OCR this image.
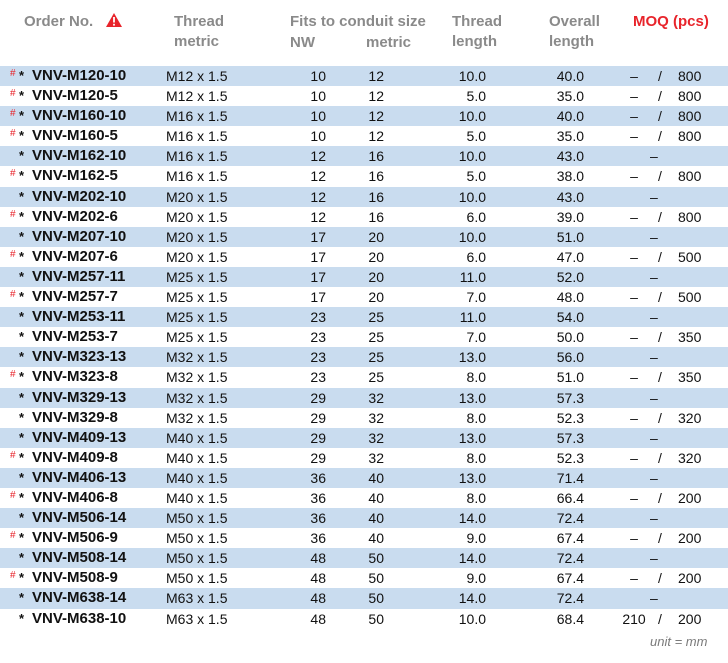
Order No.	Thread
metric
Fits to conduit size
NW	metric
Thread
length
Overall
length
MOQ (pcs)
# * VNV-M120-10	M12 x 1.5	10	12	10.0	40.0	–	/ 800
# * VNV-M120-5	M12 x 1.5	10	12	5.0	35.0	–	/ 800
# * VNV-M160-10	M16 x 1.5	10	12	10.0	40.0	–	/ 800
# * VNV-M160-5	M16 x 1.5	10	12	5.0	35.0	–	/ 800
* VNV-M162-10	M16 x 1.5	12	16	10.0	43.0	–
# * VNV-M162-5	M16 x 1.5	12	16	5.0	38.0	–	/ 800
* VNV-M202-10	M20 x 1.5	12	16	10.0	43.0	–
# * VNV-M202-6	M20 x 1.5	12	16	6.0	39.0	–	/ 800
* VNV-M207-10	M20 x 1.5	17	20	10.0	51.0	–
# * VNV-M207-6	M20 x 1.5	17	20	6.0	47.0	–	/ 500
* VNV-M257-11	M25 x 1.5	17	20	11.0	52.0	–
# * VNV-M257-7	M25 x 1.5	17	20	7.0	48.0	–	/ 500
* VNV-M253-11	M25 x 1.5	23	25	11.0	54.0	–
* VNV-M253-7	M25 x 1.5	23	25	7.0	50.0	–	/ 350
* VNV-M323-13	M32 x 1.5	23	25	13.0	56.0	–
# * VNV-M323-8	M32 x 1.5	23	25	8.0	51.0	–	/ 350
* VNV-M329-13	M32 x 1.5	29	32	13.0	57.3	–
* VNV-M329-8	M32 x 1.5	29	32	8.0	52.3	–	/ 320
* VNV-M409-13	M40 x 1.5	29	32	13.0	57.3	–
# * VNV-M409-8	M40 x 1.5	29	32	8.0	52.3	–	/ 320
* VNV-M406-13	M40 x 1.5	36	40	13.0	71.4	–
# * VNV-M406-8	M40 x 1.5	36	40	8.0	66.4	–	/ 200
* VNV-M506-14	M50 x 1.5	36	40	14.0	72.4	–
# * VNV-M506-9	M50 x 1.5	36	40	9.0	67.4	–	/ 200
* VNV-M508-14	M50 x 1.5	48	50	14.0	72.4	–
# * VNV-M508-9	M50 x 1.5	48	50	9.0	67.4	–	/ 200
* VNV-M638-14	M63 x 1.5	48	50	14.0	72.4	–
* VNV-M638-10	M63 x 1.5	48	50	10.0	68.4	210 / 200
unit = mm
